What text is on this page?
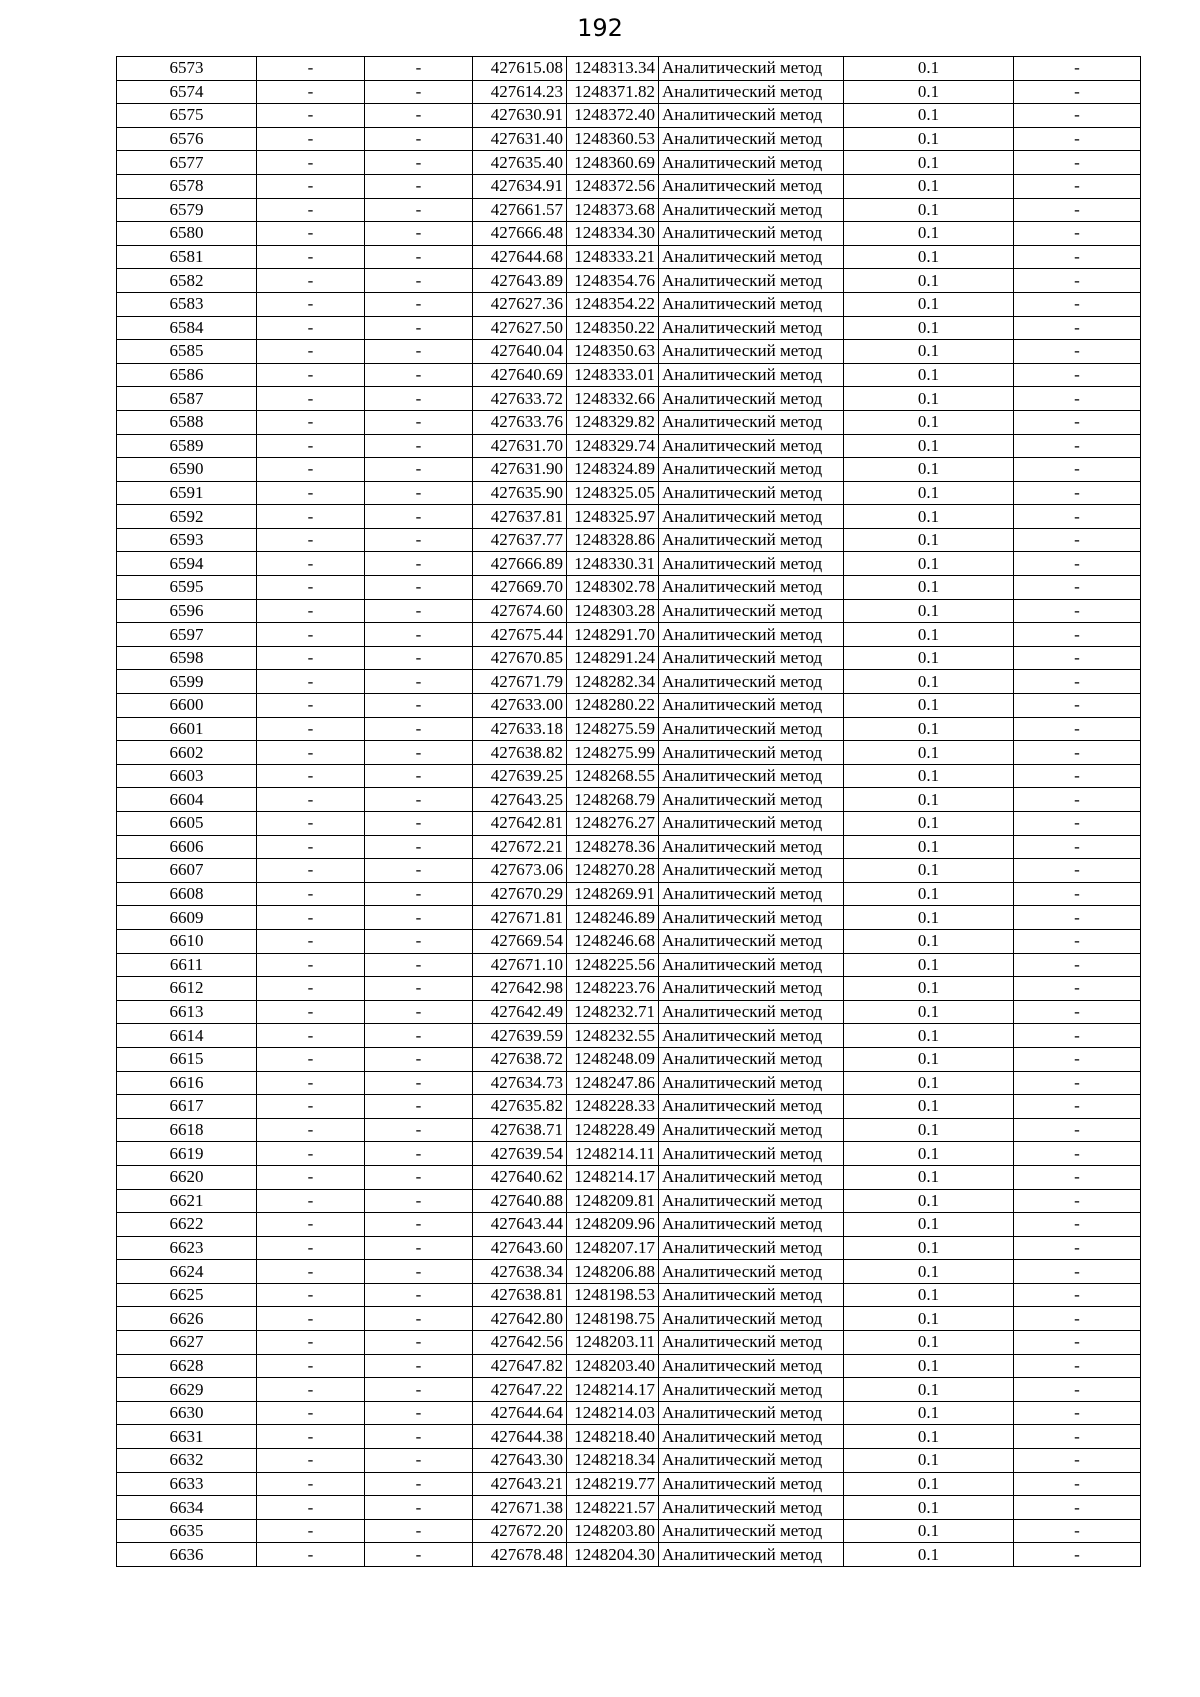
192
6573	-	-	427615.08	1248313.34	Аналитический метод	0.1	-
6574	-	-	427614.23	1248371.82	Аналитический метод	0.1	-
6575	-	-	427630.91	1248372.40	Аналитический метод	0.1	-
6576	-	-	427631.40	1248360.53	Аналитический метод	0.1	-
6577	-	-	427635.40	1248360.69	Аналитический метод	0.1	-
6578	-	-	427634.91	1248372.56	Аналитический метод	0.1	-
6579	-	-	427661.57	1248373.68	Аналитический метод	0.1	-
6580	-	-	427666.48	1248334.30	Аналитический метод	0.1	-
6581	-	-	427644.68	1248333.21	Аналитический метод	0.1	-
6582	-	-	427643.89	1248354.76	Аналитический метод	0.1	-
6583	-	-	427627.36	1248354.22	Аналитический метод	0.1	-
6584	-	-	427627.50	1248350.22	Аналитический метод	0.1	-
6585	-	-	427640.04	1248350.63	Аналитический метод	0.1	-
6586	-	-	427640.69	1248333.01	Аналитический метод	0.1	-
6587	-	-	427633.72	1248332.66	Аналитический метод	0.1	-
6588	-	-	427633.76	1248329.82	Аналитический метод	0.1	-
6589	-	-	427631.70	1248329.74	Аналитический метод	0.1	-
6590	-	-	427631.90	1248324.89	Аналитический метод	0.1	-
6591	-	-	427635.90	1248325.05	Аналитический метод	0.1	-
6592	-	-	427637.81	1248325.97	Аналитический метод	0.1	-
6593	-	-	427637.77	1248328.86	Аналитический метод	0.1	-
6594	-	-	427666.89	1248330.31	Аналитический метод	0.1	-
6595	-	-	427669.70	1248302.78	Аналитический метод	0.1	-
6596	-	-	427674.60	1248303.28	Аналитический метод	0.1	-
6597	-	-	427675.44	1248291.70	Аналитический метод	0.1	-
6598	-	-	427670.85	1248291.24	Аналитический метод	0.1	-
6599	-	-	427671.79	1248282.34	Аналитический метод	0.1	-
6600	-	-	427633.00	1248280.22	Аналитический метод	0.1	-
6601	-	-	427633.18	1248275.59	Аналитический метод	0.1	-
6602	-	-	427638.82	1248275.99	Аналитический метод	0.1	-
6603	-	-	427639.25	1248268.55	Аналитический метод	0.1	-
6604	-	-	427643.25	1248268.79	Аналитический метод	0.1	-
6605	-	-	427642.81	1248276.27	Аналитический метод	0.1	-
6606	-	-	427672.21	1248278.36	Аналитический метод	0.1	-
6607	-	-	427673.06	1248270.28	Аналитический метод	0.1	-
6608	-	-	427670.29	1248269.91	Аналитический метод	0.1	-
6609	-	-	427671.81	1248246.89	Аналитический метод	0.1	-
6610	-	-	427669.54	1248246.68	Аналитический метод	0.1	-
6611	-	-	427671.10	1248225.56	Аналитический метод	0.1	-
6612	-	-	427642.98	1248223.76	Аналитический метод	0.1	-
6613	-	-	427642.49	1248232.71	Аналитический метод	0.1	-
6614	-	-	427639.59	1248232.55	Аналитический метод	0.1	-
6615	-	-	427638.72	1248248.09	Аналитический метод	0.1	-
6616	-	-	427634.73	1248247.86	Аналитический метод	0.1	-
6617	-	-	427635.82	1248228.33	Аналитический метод	0.1	-
6618	-	-	427638.71	1248228.49	Аналитический метод	0.1	-
6619	-	-	427639.54	1248214.11	Аналитический метод	0.1	-
6620	-	-	427640.62	1248214.17	Аналитический метод	0.1	-
6621	-	-	427640.88	1248209.81	Аналитический метод	0.1	-
6622	-	-	427643.44	1248209.96	Аналитический метод	0.1	-
6623	-	-	427643.60	1248207.17	Аналитический метод	0.1	-
6624	-	-	427638.34	1248206.88	Аналитический метод	0.1	-
6625	-	-	427638.81	1248198.53	Аналитический метод	0.1	-
6626	-	-	427642.80	1248198.75	Аналитический метод	0.1	-
6627	-	-	427642.56	1248203.11	Аналитический метод	0.1	-
6628	-	-	427647.82	1248203.40	Аналитический метод	0.1	-
6629	-	-	427647.22	1248214.17	Аналитический метод	0.1	-
6630	-	-	427644.64	1248214.03	Аналитический метод	0.1	-
6631	-	-	427644.38	1248218.40	Аналитический метод	0.1	-
6632	-	-	427643.30	1248218.34	Аналитический метод	0.1	-
6633	-	-	427643.21	1248219.77	Аналитический метод	0.1	-
6634	-	-	427671.38	1248221.57	Аналитический метод	0.1	-
6635	-	-	427672.20	1248203.80	Аналитический метод	0.1	-
6636	-	-	427678.48	1248204.30	Аналитический метод	0.1	-
